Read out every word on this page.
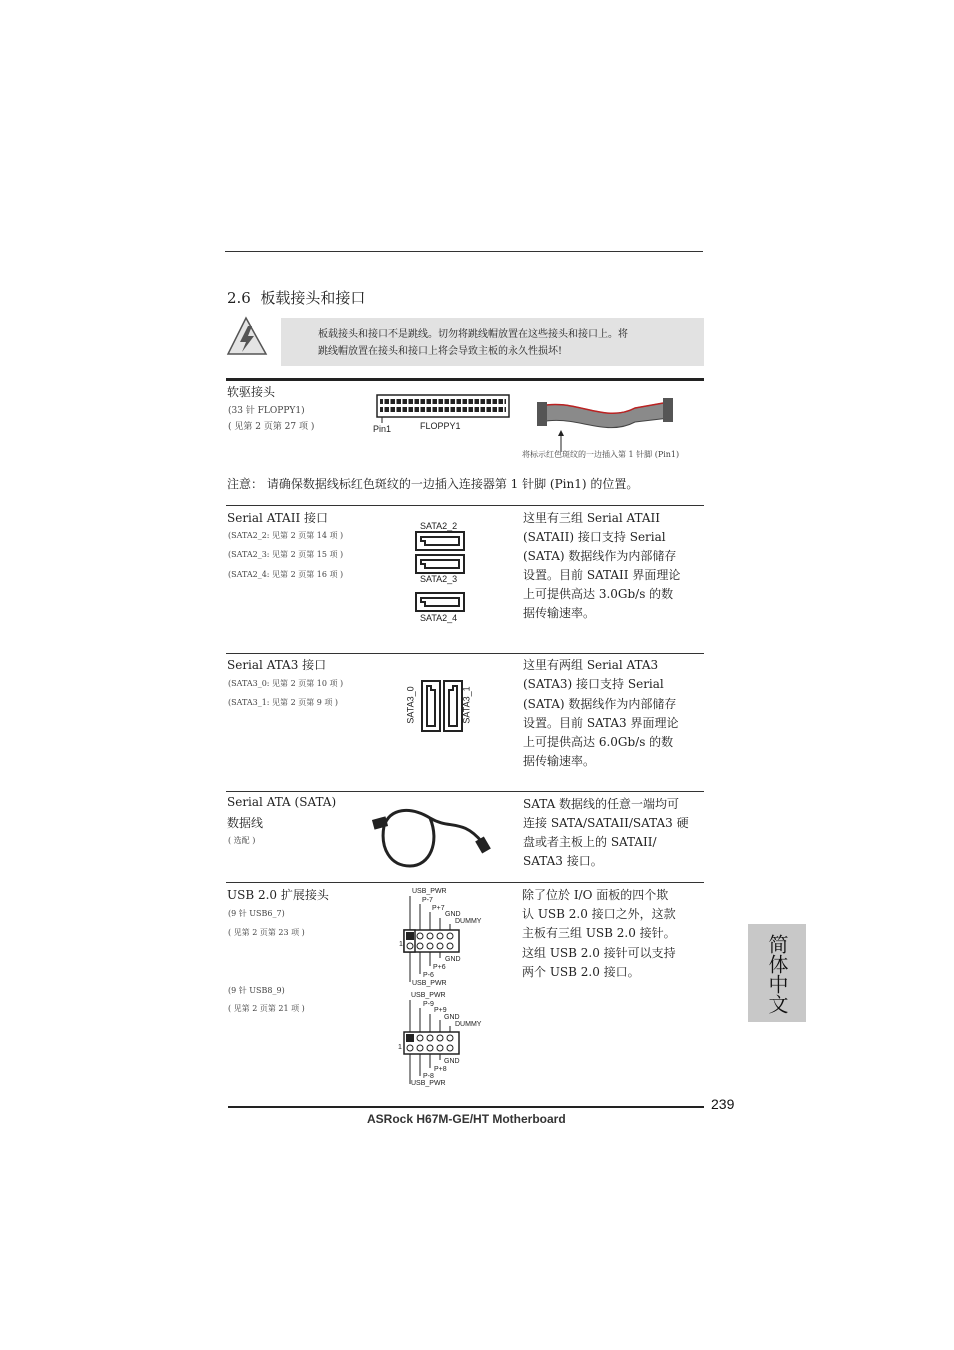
2.6 板载接头和接口
板载接头和接口不是跳线。切勿将跳线帽放置在这些接头和接口上。将
跳线帽放置在接头和接口上将会导致主板的永久性损坏!
软驱接头
(33 针 FLOPPY1)
( 见第 2 页第 27 项 )	Pin1	FLOPPY1
将标示红色斑纹的一边插入第 1 针脚 (Pin1)
注意： 请确保数据线标红色斑纹的一边插入连接器第 1 针脚 (Pin1) 的位置。
Serial ATAII 接口
(SATA2_2: 见第 2 页第 14 项 )
(SATA2_3: 见第 2 页第 15 项 )
(SATA2_4: 见第 2 页第 16 项 )
SATA2_2
SATA2_3
SATA2_4
这里有三组 Serial ATAII
(SATAII) 接口支持 Serial
(SATA) 数据线作为内部储存
设置。目前 SATAII 界面理论
上可提供高达 3.0Gb/s 的数
据传输速率。
Serial ATA3 接口
(SATA3_0: 见第 2 页第 10 项 )
(SATA3_1: 见第 2 页第 9 项 )	SATA3_0	SATA3_1
这里有两组 Serial ATA3
(SATA3) 接口支持 Serial
(SATA) 数据线作为内部储存
设置。目前 SATA3 界面理论
上可提供高达 6.0Gb/s 的数
据传输速率。
Serial ATA (SATA)
数据线
( 选配 )
SATA 数据线的任意一端均可
连接 SATA/SATAII/SATA3 硬
盘或者主板上的 SATAII/
SATA3 接口。
USB 2.0 扩展接头
(9 针 USB6_7)
( 见第 2 页第 23 项 )
(9 针 USB8_9)
( 见第 2 页第 21 项 )
USB_PWR
P-7
P+7
GND
DUMMY
1
GND
P+6
P-6
USB_PWR
USB_PWR
P-9
P+9
GND
DUMMY
1
GND
P+8
P-8
USB_PWR
除了位於 I/O 面板的四个欺
认 USB 2.0 接口之外，这款
主板有三组 USB 2.0 接针。
这组 USB 2.0 接针可以支持
两个 USB 2.0 接口。	简体中文
239
ASRock H67M-GE/HT Motherboard
